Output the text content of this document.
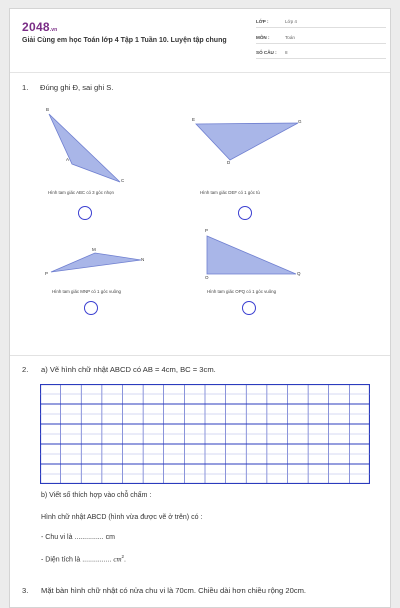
2048.vn
Giải Cùng em học Toán lớp 4 Tập 1 Tuần 10. Luyện tập chung
LỚP :	Lớp 4
MÔN :	Toán
SỐ CÂU : 8
1. Đúng ghi Đ, sai ghi S.
B
A
C
E	G
D
M
N
P
P
O
Q
Hình tam giác ABC có 3 góc nhọn	Hình tam giác DEF có 1 góc tù
Hình tam giác MNP có 1 góc vuông	Hình tam giác OPQ có 1 góc vuông
2. a) Vẽ hình chữ nhật ABCD có AB = 4cm, BC = 3cm.
b) Viết số thích hợp vào chỗ chấm :
Hình chữ nhật ABCD (hình vừa được vẽ ở trên) có :
- Chu vi là ............... cm
- Diện tích là ............... $cm^2$.
3. Mặt bàn hình chữ nhật có nửa chu vi là 70cm. Chiều dài hơn chiều rộng 20cm.
